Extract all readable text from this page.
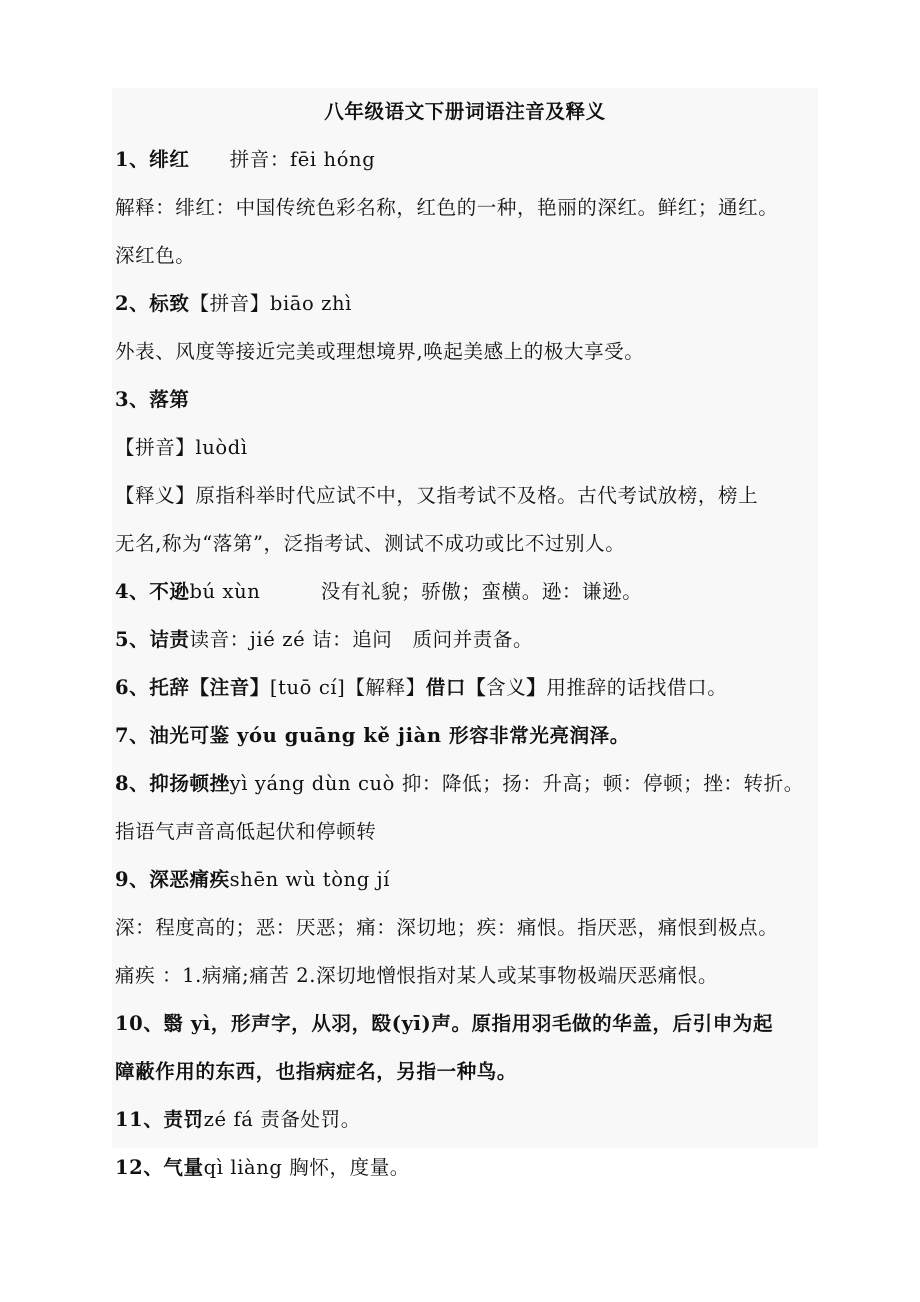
八年级语文下册词语注音及释义
1、绯红　　拼音：fēi hóng
解释：绯红：中国传统色彩名称，红色的一种，艳丽的深红。鲜红；通红。
深红色。
2、标致【拼音】biāo zhì
外表、风度等接近完美或理想境界,唤起美感上的极大享受。
3、落第
【拼音】luòdì
【释义】原指科举时代应试不中，又指考试不及格。古代考试放榜，榜上
无名,称为“落第”，泛指考试、测试不成功或比不过别人。
4、不逊bú xùn　　　没有礼貌；骄傲；蛮横。逊：谦逊。
5、诘责读音：jié zé 诘：追问　质问并责备。
6、托辞【注音】[tuō cí]【解释】借口【含义】用推辞的话找借口。
7、油光可鉴 yóu guāng kě jiàn 形容非常光亮润泽。
8、抑扬顿挫yì yáng dùn cuò 抑：降低；扬：升高；顿：停顿；挫：转折。
指语气声音高低起伏和停顿转
9、深恶痛疾shēn wù tòng jí
深：程度高的；恶：厌恶；痛：深切地；疾：痛恨。指厌恶，痛恨到极点。
痛疾 ：1.病痛;痛苦 2.深切地憎恨指对某人或某事物极端厌恶痛恨。
10、翳 yì，形声字，从羽，殹(yī)声。原指用羽毛做的华盖，后引申为起
障蔽作用的东西，也指病症名，另指一种鸟。
11、责罚zé fá 责备处罚。
12、气量qì liàng 胸怀，度量。
